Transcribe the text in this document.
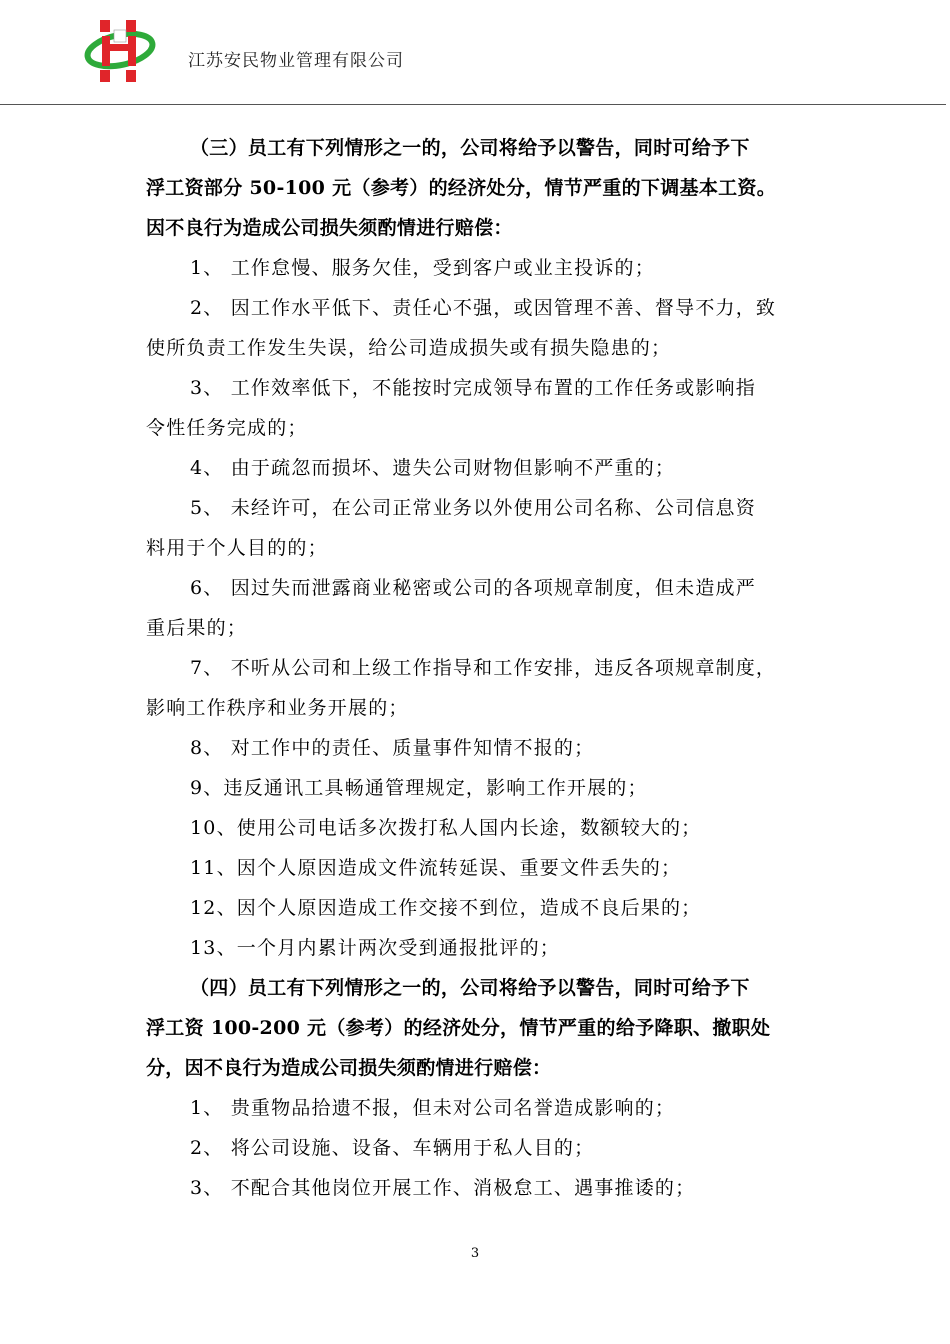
江苏安民物业管理有限公司
（三）员工有下列情形之一的，公司将给予以警告，同时可给予下
浮工资部分 50-100 元（参考）的经济处分，情节严重的下调基本工资。
因不良行为造成公司损失须酌情进行赔偿：
1、 工作怠慢、服务欠佳，受到客户或业主投诉的；
2、 因工作水平低下、责任心不强，或因管理不善、督导不力，致
使所负责工作发生失误，给公司造成损失或有损失隐患的；
3、 工作效率低下，不能按时完成领导布置的工作任务或影响指
令性任务完成的；
4、 由于疏忽而损坏、遗失公司财物但影响不严重的；
5、 未经许可，在公司正常业务以外使用公司名称、公司信息资
料用于个人目的的；
6、 因过失而泄露商业秘密或公司的各项规章制度，但未造成严
重后果的；
7、 不听从公司和上级工作指导和工作安排，违反各项规章制度，
影响工作秩序和业务开展的；
8、 对工作中的责任、质量事件知情不报的；
9、违反通讯工具畅通管理规定，影响工作开展的；
10、使用公司电话多次拨打私人国内长途，数额较大的；
11、因个人原因造成文件流转延误、重要文件丢失的；
12、因个人原因造成工作交接不到位，造成不良后果的；
13、一个月内累计两次受到通报批评的；
（四）员工有下列情形之一的，公司将给予以警告，同时可给予下
浮工资 100-200 元（参考）的经济处分，情节严重的给予降职、撤职处
分，因不良行为造成公司损失须酌情进行赔偿：
1、 贵重物品拾遗不报，但未对公司名誉造成影响的；
2、 将公司设施、设备、车辆用于私人目的；
3、 不配合其他岗位开展工作、消极怠工、遇事推诿的；
3
